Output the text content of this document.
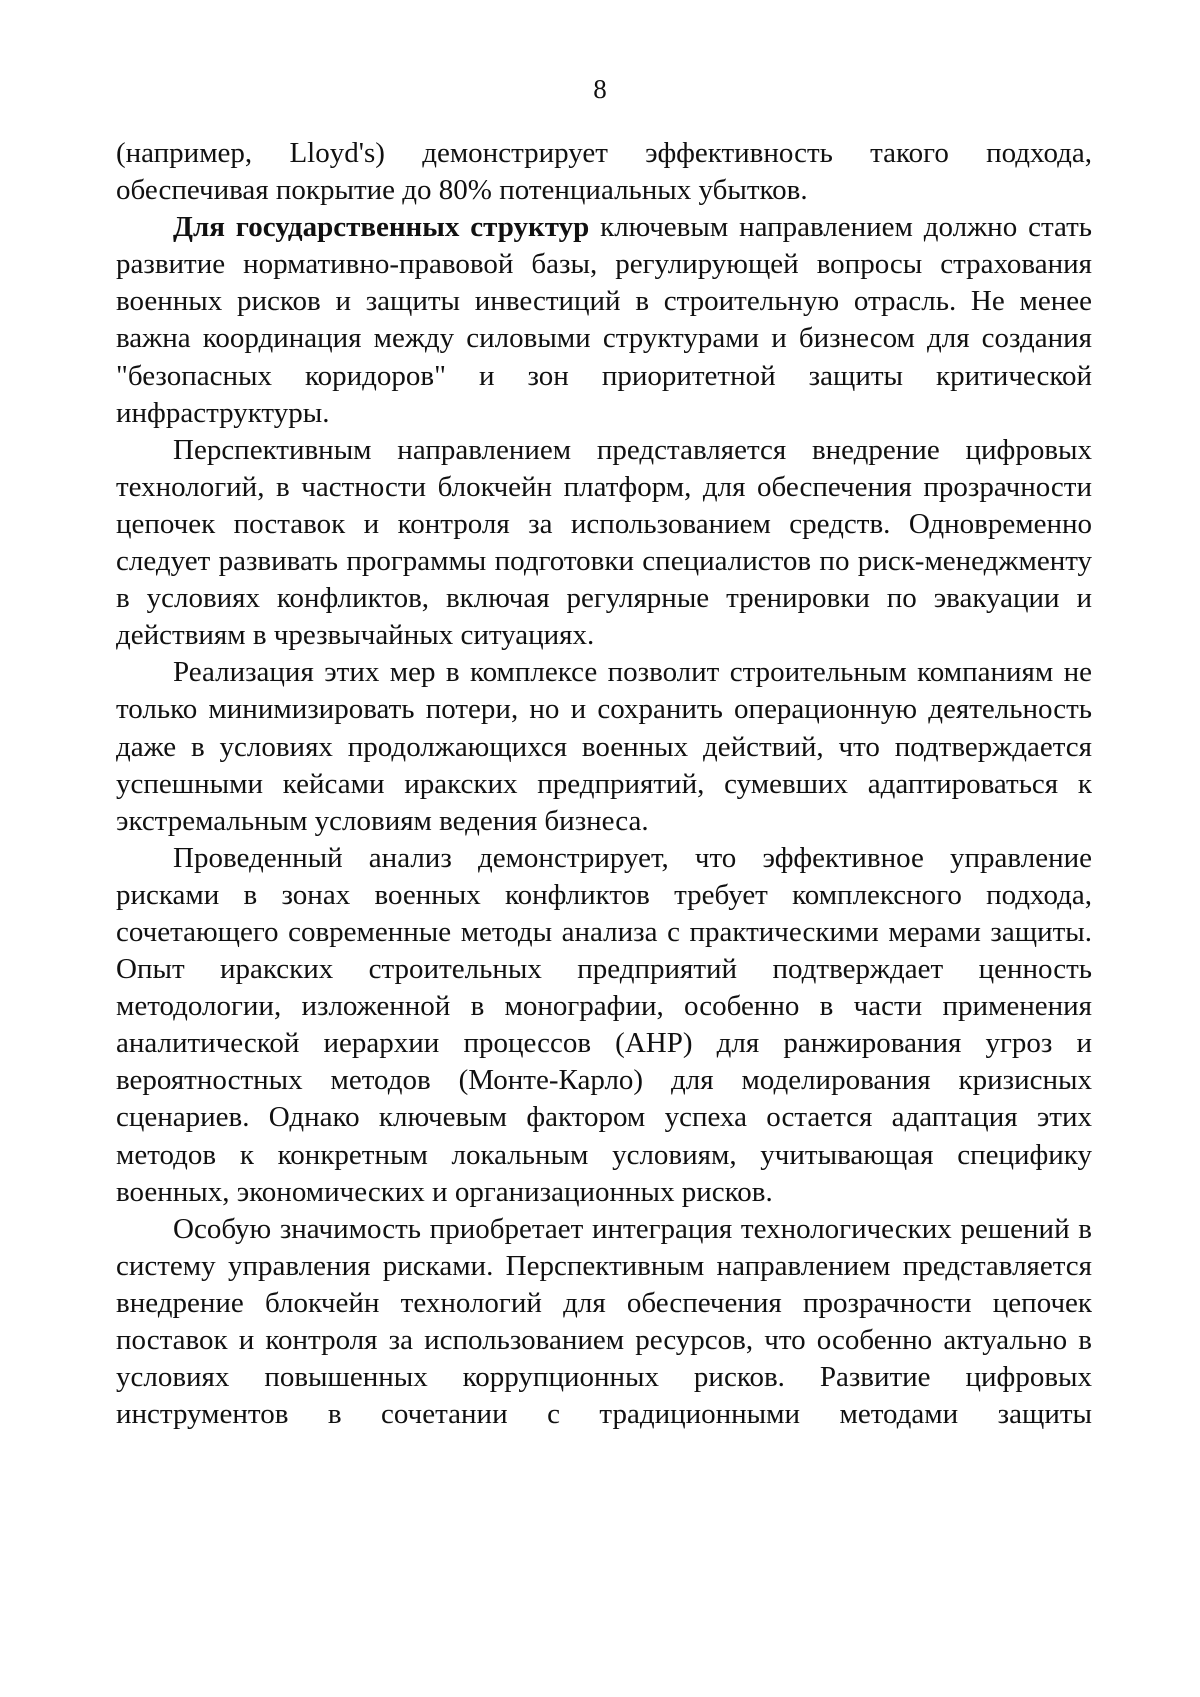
8

(например, Lloyd's) демонстрирует эффективность такого подхода, обеспечивая покрытие до 80% потенциальных убытков.

Для государственных структур ключевым направлением должно стать развитие нормативно-правовой базы, регулирующей вопросы страхования военных рисков и защиты инвестиций в строительную отрасль. Не менее важна координация между силовыми структурами и бизнесом для создания "безопасных коридоров" и зон приоритетной защиты критической инфраструктуры.

Перспективным направлением представляется внедрение цифровых технологий, в частности блокчейн платформ, для обеспечения прозрачности цепочек поставок и контроля за использованием средств. Одновременно следует развивать программы подготовки специалистов по риск-менеджменту в условиях конфликтов, включая регулярные тренировки по эвакуации и действиям в чрезвычайных ситуациях.

Реализация этих мер в комплексе позволит строительным компаниям не только минимизировать потери, но и сохранить операционную деятельность даже в условиях продолжающихся военных действий, что подтверждается успешными кейсами иракских предприятий, сумевших адаптироваться к экстремальным условиям ведения бизнеса.

Проведенный анализ демонстрирует, что эффективное управление рисками в зонах военных конфликтов требует комплексного подхода, сочетающего современные методы анализа с практическими мерами защиты. Опыт иракских строительных предприятий подтверждает ценность методологии, изложенной в монографии, особенно в части применения аналитической иерархии процессов (AHP) для ранжирования угроз и вероятностных методов (Монте-Карло) для моделирования кризисных сценариев. Однако ключевым фактором успеха остается адаптация этих методов к конкретным локальным условиям, учитывающая специфику военных, экономических и организационных рисков.

Особую значимость приобретает интеграция технологических решений в систему управления рисками. Перспективным направлением представляется внедрение блокчейн технологий для обеспечения прозрачности цепочек поставок и контроля за использованием ресурсов, что особенно актуально в условиях повышенных коррупционных рисков. Развитие цифровых инструментов в сочетании с традиционными методами защиты
